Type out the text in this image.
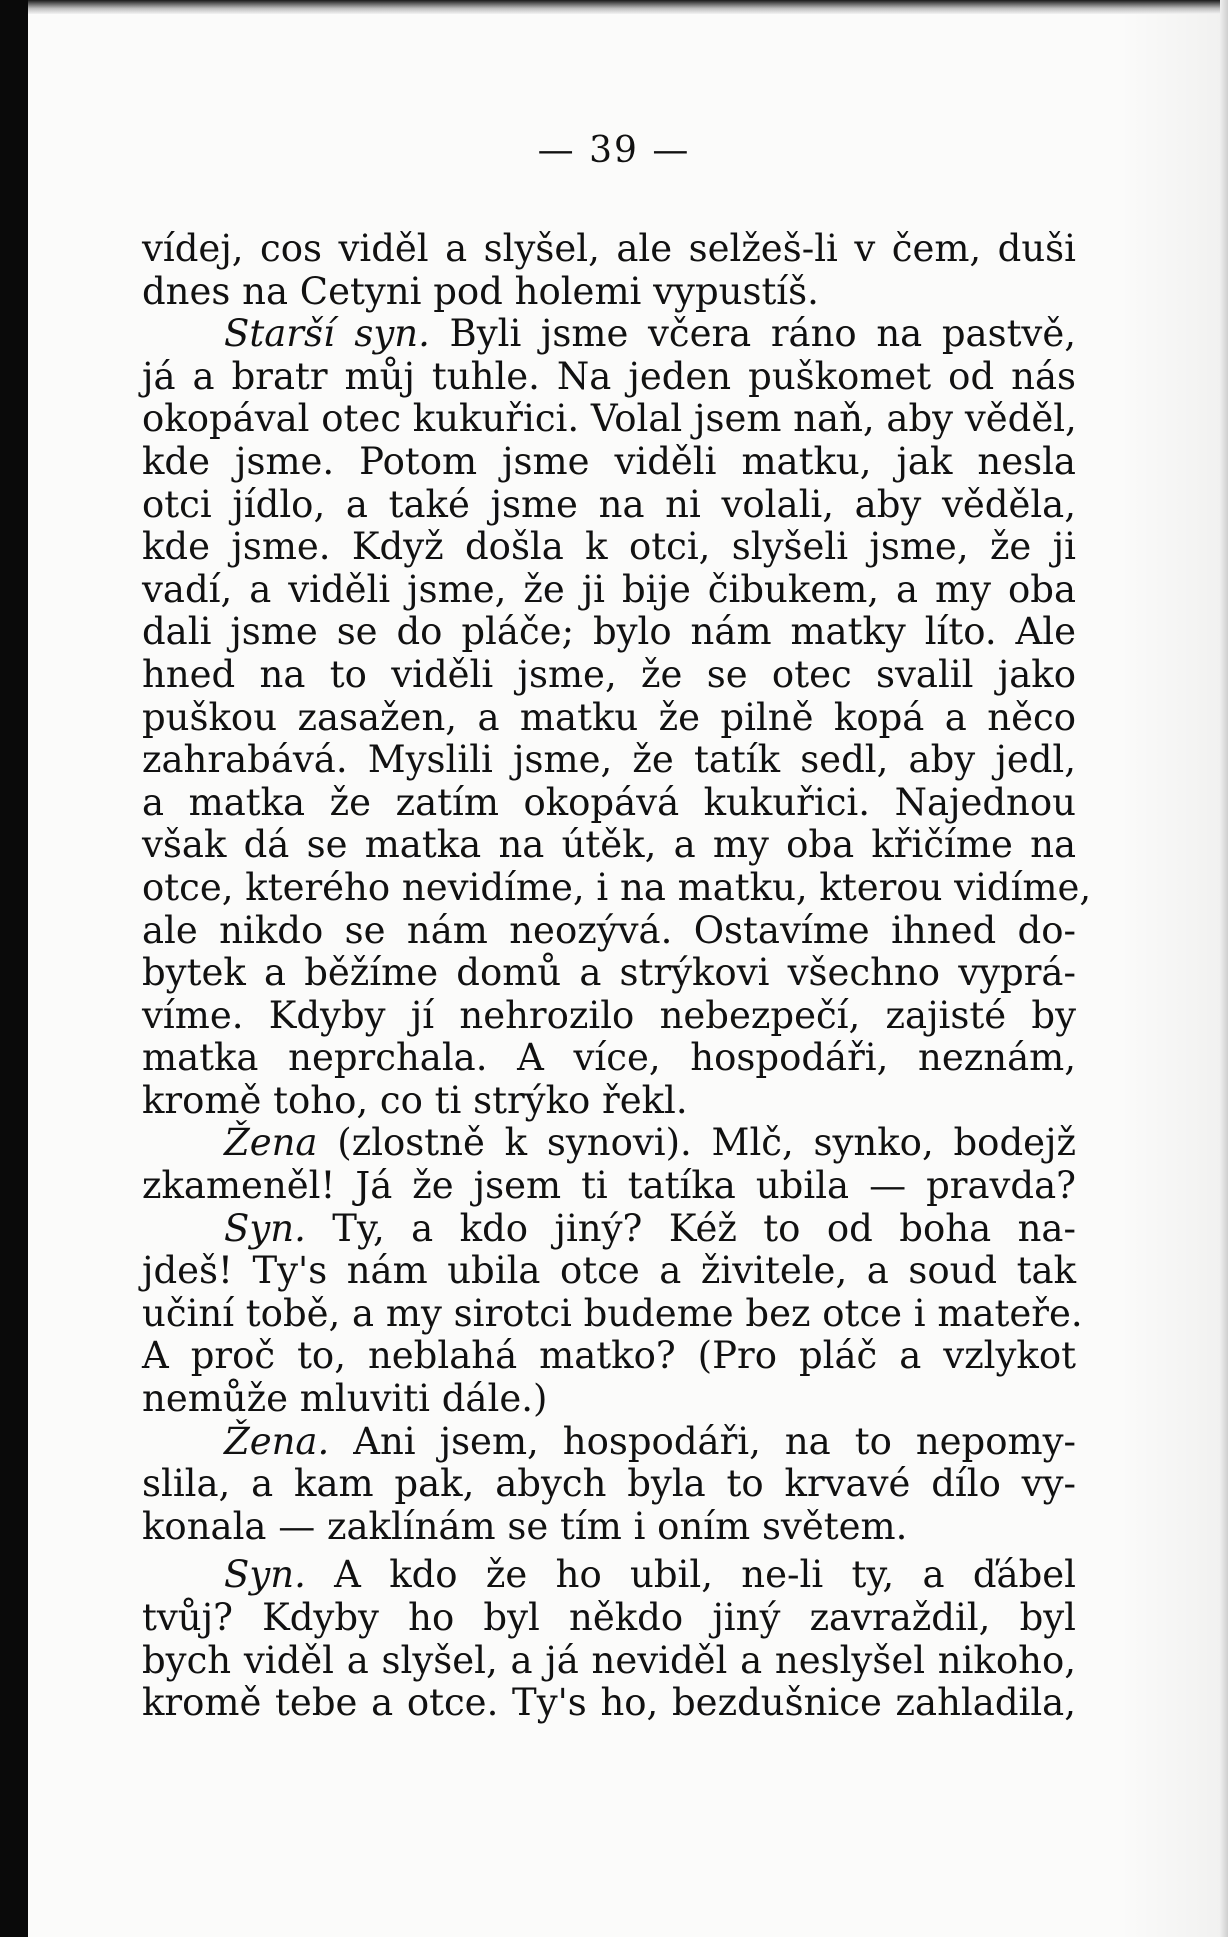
— 39 —
vídej, cos viděl a slyšel, ale selžeš-li v čem, duši
dnes na Cetyni pod holemi vypustíš.
Starší syn. Byli jsme včera ráno na pastvě,
já a bratr můj tuhle. Na jeden puškomet od nás
okopával otec kukuřici. Volal jsem naň, aby věděl,
kde jsme. Potom jsme viděli matku, jak nesla
otci jídlo, a také jsme na ni volali, aby věděla,
kde jsme. Když došla k otci, slyšeli jsme, že ji
vadí, a viděli jsme, že ji bije čibukem, a my oba
dali jsme se do pláče; bylo nám matky líto. Ale
hned na to viděli jsme, že se otec svalil jako
puškou zasažen, a matku že pilně kopá a něco
zahrabává. Myslili jsme, že tatík sedl, aby jedl,
a matka že zatím okopává kukuřici. Najednou
však dá se matka na útěk, a my oba křičíme na
otce, kterého nevidíme, i na matku, kterou vidíme,
ale nikdo se nám neozývá. Ostavíme ihned do-
bytek a běžíme domů a strýkovi všechno vyprá-
víme. Kdyby jí nehrozilo nebezpečí, zajisté by
matka neprchala. A více, hospodáři, neznám,
kromě toho, co ti strýko řekl.
Žena (zlostně k synovi). Mlč, synko, bodejž
zkameněl! Já že jsem ti tatíka ubila — pravda?
Syn. Ty, a kdo jiný? Kéž to od boha na-
jdeš! Ty's nám ubila otce a živitele, a soud tak
učiní tobě, a my sirotci budeme bez otce i mateře.
A proč to, neblahá matko? (Pro pláč a vzlykot
nemůže mluviti dále.)
Žena. Ani jsem, hospodáři, na to nepomy-
slila, a kam pak, abych byla to krvavé dílo vy-
konala — zaklínám se tím i oním světem.
Syn. A kdo že ho ubil, ne-li ty, a ďábel
tvůj? Kdyby ho byl někdo jiný zavraždil, byl
bych viděl a slyšel, a já neviděl a neslyšel nikoho,
kromě tebe a otce. Ty's ho, bezdušnice zahladila,
